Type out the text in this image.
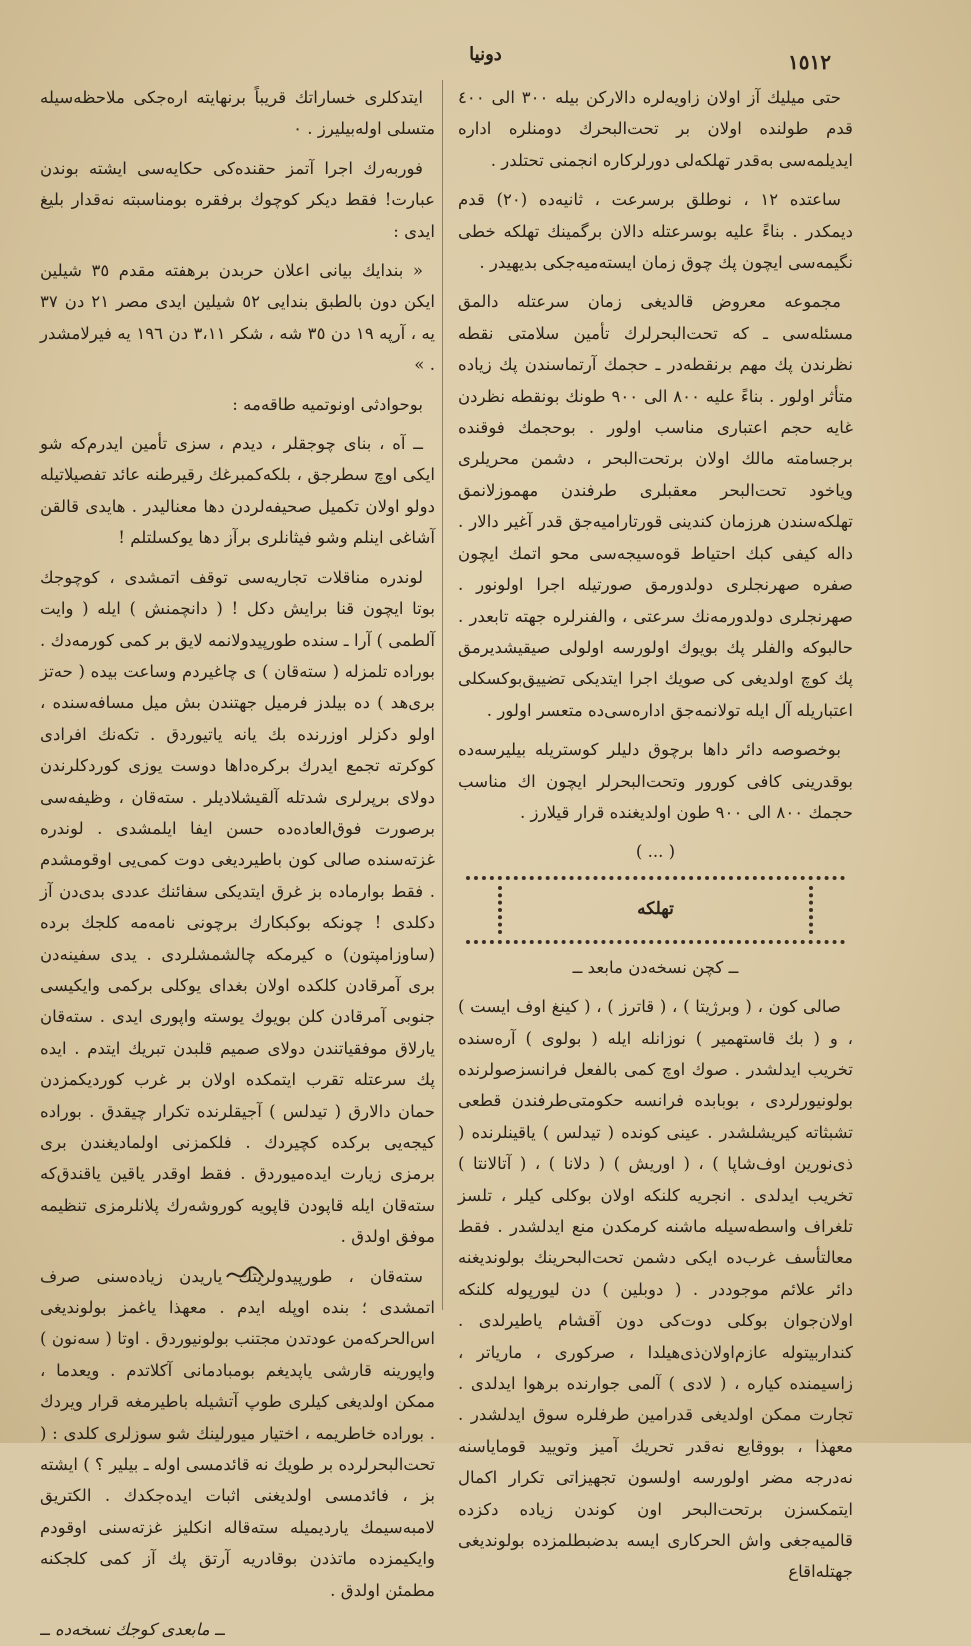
١٥١٢
دونیا

حتى میلیك آز اولان زاویه‌لره دالارکن بیله ٣٠٠ الی ٤٠٠ قدم طولنده اولان بر تحت‌البحرك دومنلره اداره ایدیلمه‌سی به‌قدر تهلكه‌لی دورلرکاره انجمنی تحتلدر .

ساعتده ١٢ ، نوطلق برسرعت ، ثانیه‌ده (٢٠) قدم دیمكدر . بناءً علیه بوسرعتله دالان برگمینك تهلكه خطی نگیمه‌سی ایچون پك چوق زمان ایسته‌میه‌جكی بدیهیدر .

مجموعه معروض قالدیغی زمان سرعتله دالمق مسئله‌سی ـ كه تحت‌البحرلرك تأمین سلامتی نقطه نظرندن پك مهم برنقطه‌در ـ حجمك آرتماسندن پك زیاده متأثر اولور . بناءً علیه ٨٠٠ الی ٩٠٠ طونك بونقطه نظردن غایه حجم اعتباری مناسب اولور . بوحجمك فوقنده برجسامته مالك اولان برتحت‌البحر ، دشمن محریلری ویاخود تحت‌البحر معقبلری طرفندن مهموزلانمق تهلكه‌سندن هرزمان كندینی قورتارامیه‌جق قدر آغیر دالار . داله كیفی كبك احتیاط قوه‌سیجه‌سی محو اتمك ایچون صفره صهرنجلری دولدورمق صورتیله اجرا اولونور . صهرنجلری دولدورمه‌نك سرعتی ، والفنرلره جهته تابعدر . حالبوكه والفلر پك بویوك اولورسه اولولی صیقیشدیرمق پك كوچ اولدیغی كی صویك اجرا ایتدیكی تضییق‌بوكسكلی اعتباریله آل ایله تولانمه‌جق اداره‌سی‌ده متعسر اولور .

بوخصوصه دائر داها برچوق دلیلر كوستریله بیلیرسه‌ده بوقدرینی كافی كورور وتحت‌البحرلر ایچون اك مناسب حجمك ٨٠٠ الی ٩٠٠ طون اولدیغنده قرار قیلارز .

( ... )

تهلكه

ــ كچن نسخه‌دن مابعد ــ

صالی كون ، ( وبرژیتا ) ، ( قاترز ) ، ( كینغ اوف ایست ) ، و ( بك قاستهمیر ) نوزانله ایله ( بولوی ) آره‌سنده تخریب ایدلشدر . صوك اوچ كمی بالفعل فرانسزصولرنده بولونیورلردی ، بوبابده فرانسه حكومتی‌طرفندن قطعی تشبثاته كیریشلشدر . عینی كونده ( تیدلس ) یاقینلرنده ( ذی‌نورین اوف‌شاپا ) ، ( اوریش ) ( دلانا ) ، ( آتالانتا ) تخریب ایدلدی . انجریه كلنكه اولان بوكلی كیلر ، تلسز تلغراف واسطه‌سیله ماشنه كرمكدن منع ایدلشدر . فقط معالتأسف غرب‌ده ایكی دشمن تحت‌البحرینك بولوندیغنه دائر علائم موجوددر . ( دوبلین ) دن لیورپوله كلنكه اولان‌جوان بوكلی دوت‌كی دون آقشام یاطیرلدی . كنداربیتوله عازم‌اولان‌ذی‌هیلدا ، صركوری ، ماریا‌تر ، زاسیمنده كیاره ، ( لادی ) آلمی جوارنده برهوا ایدلدی . تجارت ممكن اولدیغی قدرامین طرفلره سوق ایدلشدر . معهذا ، بووقایع نه‌قدر تحریك آمیز وتویید قومایاسنه نه‌درجه مضر اولورسه اولسون تجهیزاتی تكرار اكمال ایتمكسزن برتحت‌البحر اون كوندن زیاده دكزده قالمیه‌جغی واش الحركاری ایسه بدضبطلمزده بولوندیغی جهتله‌اقاع

ایتدكلری خساراتك قریباً برنهایته اره‌جكی ملاحظه‌سیله متسلی اوله‌بیلیرز . ٠

فوربه‌رك اجرا آتمز حقنده‌كی حكایه‌سی ایشته بوندن عبارت! فقط دیكر كوچوك برفقره بومناسبته نه‌قدار بلیغ ایدی :

« بندایك بیانی اعلان حربدن برهفته مقدم ٣٥ شیلین ایكن دون بالطبق بندایی ٥٢ شیلین ایدی مصر ٢١ دن ٣٧ یه ، آرپه ١٩ دن ٣٥ شه ، شكر ٣،١١ دن ١٩٦ یه فیرلامشدر . »

بوحوادثی اونوتمیه طاقه‌مه :

ــ آه ، بنای چوجقلر ، دیدم ، سزی تأمین ایدرم‌كه شو ایكی اوچ سطرجق ، بلکه‌كمبرغك رقیرطنه عائد تفصیلاتیله دولو اولان تكمیل صحیفه‌لردن دها معنالیدر . هایدی قالقن آشاغی اینلم وشو فیثانلری برآز دها یوكسلتلم !

لوندره مناقلات تجاریه‌سی توقف اتمشدی ، كوچوجك بوتا ایچون قنا برایش دكل ! ( دانچمنش ) ایله ( وایت آلطمی ) آرا ـ سنده طورپیدولانمه لایق بر كمی كورمه‌دك . بوراده تلمزله ( سته‌قان ) ی چاغیردم وساعت بیده ( حه‌تز بری‌هد ) ده بیلدز فرمیل جهتندن بش میل مسافه‌سنده ، اولو دكزلر اوزرنده بك یانه یاتیوردق . تكه‌نك افرادی كوكرته تجمع ایدرك بركره‌داها دوست یوزی كوردكلرندن دولای برپرلری شدتله آلقیشلادیلر . سته‌قان ، وظیفه‌سی برصورت فوق‌العاده‌ده حسن ایفا ایلمشدی . لوندره غزته‌سنده صالی كون باطیردیغی دوت كمی‌یی اوقومشدم . فقط بوارماده بز غرق ایتدیكی سفائنك عددی بدی‌دن آز دكلدی ! چونكه بوكبكارك برچونی نامه‌مه كلجك برده (ساوزامپتون) ه كیرمكه چالشمشلردی . یدی سفینه‌دن بری آمرقادن كلكده اولان بغدای یوكلی بركمی وایكیسی جنوبی آمرقادن كلن بویوك یوسته واپوری ایدی . سته‌قان یارلاق موفقیاتندن دولای صمیم قلبدن تبریك ایتدم . ایده پك سرعتله تقرب ایتمكده اولان بر غرب كوردیكمزدن حمان دالارق ( تیدلس ) آجیقلرنده تكرار چیقدق . بوراده كیجه‌یی بركده كچیردك . فلكمزنی اولمادیغندن بری برمزی زیارت ایده‌میوردق . فقط اوقدر یاقین یاقندق‌كه سته‌قان ایله قاپودن قاپویه كوروشه‌رك پلانلرمزی تنظیمه موفق اولدق .

سته‌قان ، طورپیدولریتك یاریدن زیاده‌سنی صرف اتمشدی ؛ بنده اوپله ایدم . معهذا یاغمز بولوندیغی اس‌الحركه‌من عودتدن مجتنب بولونیوردق . اوتا ( سه‌نون ) واپورینه قارشی یاپدیغم بومبادمانی آكلاتدم . ویعدما ، ممكن اولدیغی كیلری طوپ آتشیله باطیرمغه قرار ویردك . بوراده خاطریمه ، اختیار میورلینك شو سوزلری كلدی : ( تحت‌البحرلرده بر طویك نه قائدمسی اوله ـ بیلیر ؟ ) ایشته بز ، فائدمسی اولدیغنی اثبات ایده‌جكدك . الكتریق لامبه‌سیمك یاردیمیله سته‌قاله انكلیز غزته‌سنی اوقودم وایكیمزده ماتذدن بوقادریه آرتق پك آز كمی كلجكنه مطمئن اولدق .

ــ مابعدی كوجك نسخه‌ده ــ
